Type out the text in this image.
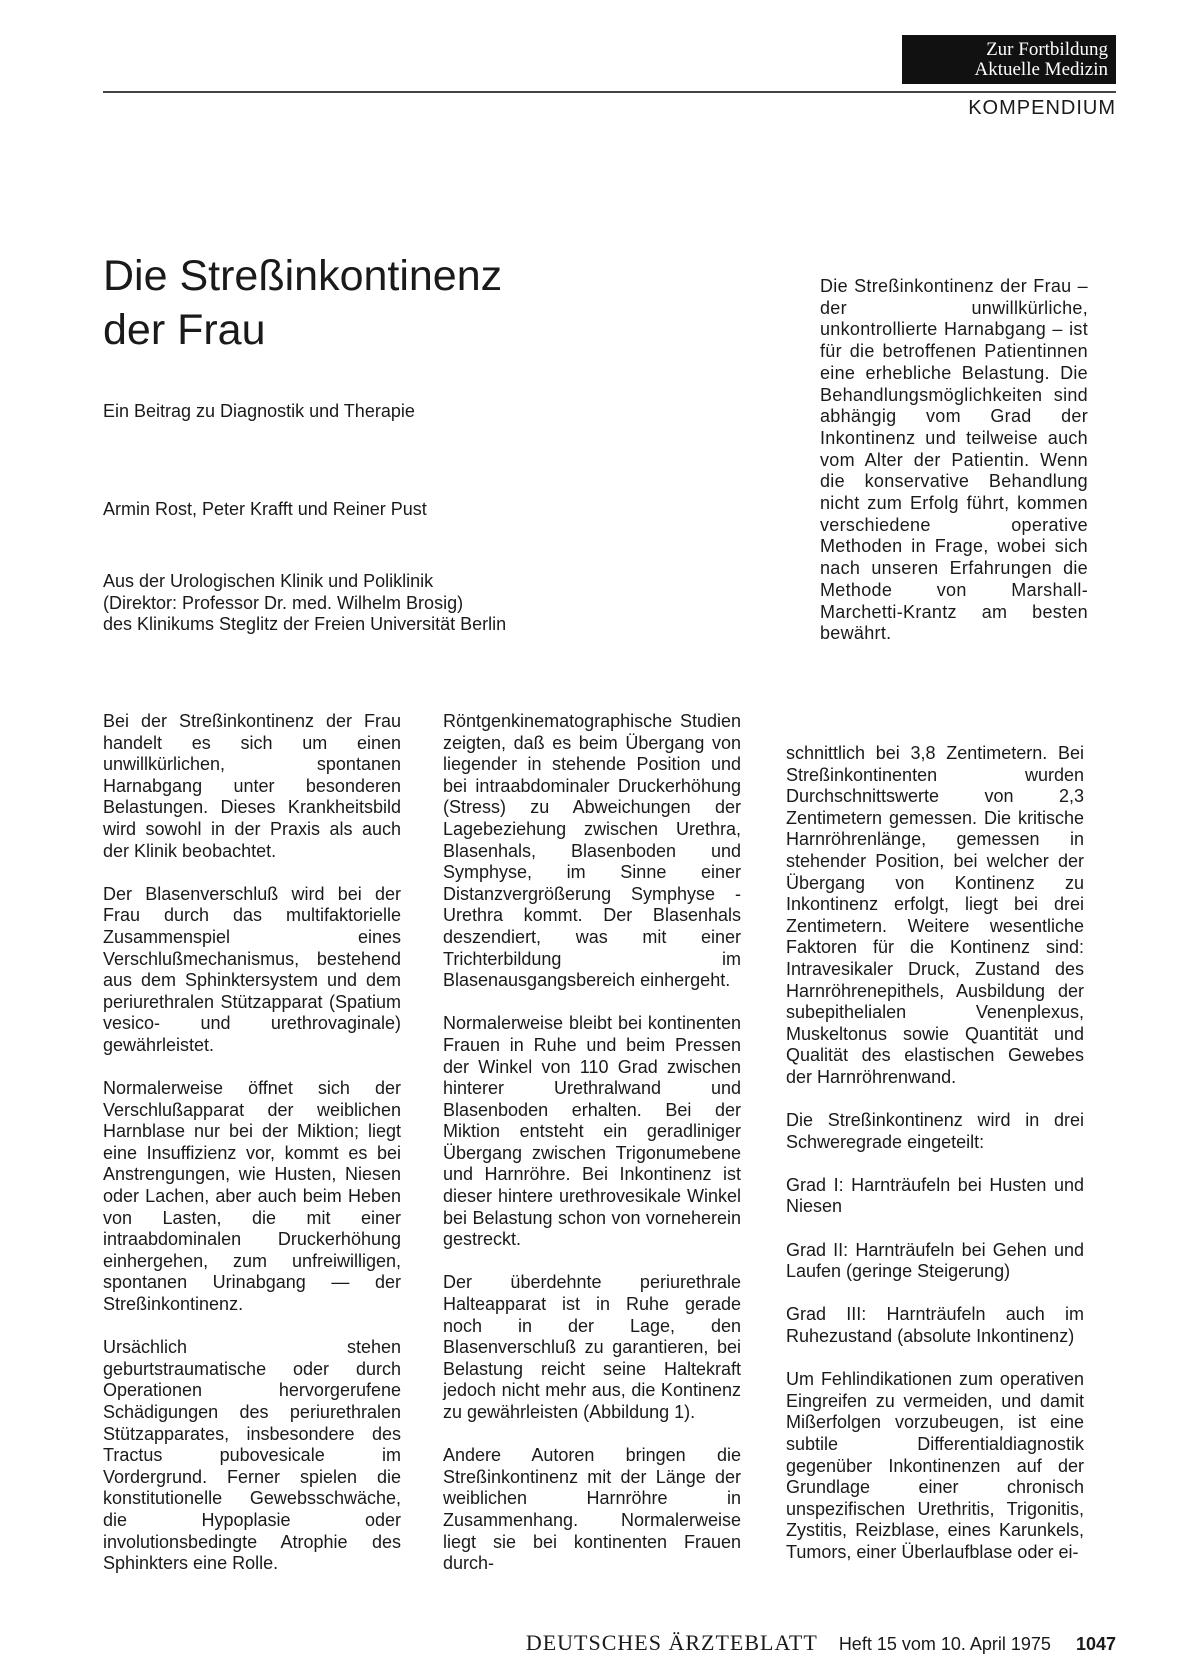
Zur Fortbildung
Aktuelle Medizin
KOMPENDIUM
Die Streßinkontinenz
der Frau
Ein Beitrag zu Diagnostik und Therapie
Armin Rost, Peter Krafft und Reiner Pust
Aus der Urologischen Klinik und Poliklinik
(Direktor: Professor Dr. med. Wilhelm Brosig)
des Klinikums Steglitz der Freien Universität Berlin
Die Streßinkontinenz der Frau – der unwillkürliche, unkontrollierte Harnabgang – ist für die betroffenen Patientinnen eine erhebliche Belastung. Die Behandlungsmöglichkeiten sind abhängig vom Grad der Inkontinenz und teilweise auch vom Alter der Patientin. Wenn die konservative Behandlung nicht zum Erfolg führt, kommen verschiedene operative Methoden in Frage, wobei sich nach unseren Erfahrungen die Methode von Marshall-Marchetti-Krantz am besten bewährt.

Bei der Streßinkontinenz der Frau handelt es sich um einen unwillkürlichen, spontanen Harnabgang unter besonderen Belastungen. Dieses Krankheitsbild wird sowohl in der Praxis als auch der Klinik beobachtet.

Der Blasenverschluß wird bei der Frau durch das multifaktorielle Zusammenspiel eines Verschlußmechanismus, bestehend aus dem Sphinktersystem und dem periurethralen Stützapparat (Spatium vesico- und urethrovaginale) gewährleistet.

Normalerweise öffnet sich der Verschlußapparat der weiblichen Harnblase nur bei der Miktion; liegt eine Insuffizienz vor, kommt es bei Anstrengungen, wie Husten, Niesen oder Lachen, aber auch beim Heben von Lasten, die mit einer intraabdominalen Druckerhöhung einhergehen, zum unfreiwilligen, spontanen Urinabgang — der Streßinkontinenz.

Ursächlich stehen geburtstraumatische oder durch Operationen hervorgerufene Schädigungen des periurethralen Stützapparates, insbesondere des Tractus pubovesicale im Vordergrund. Ferner spielen die konstitutionelle Gewebsschwäche, die Hypoplasie oder involutionsbedingte Atrophie des Sphinkters eine Rolle.

Röntgenkinematographische Studien zeigten, daß es beim Übergang von liegender in stehende Position und bei intraabdominaler Druckerhöhung (Stress) zu Abweichungen der Lagebeziehung zwischen Urethra, Blasenhals, Blasenboden und Symphyse, im Sinne einer Distanzvergrößerung Symphyse - Urethra kommt. Der Blasenhals deszendiert, was mit einer Trichterbildung im Blasenausgangsbereich einhergeht.

Normalerweise bleibt bei kontinenten Frauen in Ruhe und beim Pressen der Winkel von 110 Grad zwischen hinterer Urethralwand und Blasenboden erhalten. Bei der Miktion entsteht ein geradliniger Übergang zwischen Trigonumebene und Harnröhre. Bei Inkontinenz ist dieser hintere urethrovesikale Winkel bei Belastung schon von vorneherein gestreckt.

Der überdehnte periurethrale Halteapparat ist in Ruhe gerade noch in der Lage, den Blasenverschluß zu garantieren, bei Belastung reicht seine Haltekraft jedoch nicht mehr aus, die Kontinenz zu gewährleisten (Abbildung 1).

Andere Autoren bringen die Streßinkontinenz mit der Länge der weiblichen Harnröhre in Zusammenhang. Normalerweise liegt sie bei kontinenten Frauen durch-

schnittlich bei 3,8 Zentimetern. Bei Streßinkontinenten wurden Durchschnittswerte von 2,3 Zentimetern gemessen. Die kritische Harnröhrenlänge, gemessen in stehender Position, bei welcher der Übergang von Kontinenz zu Inkontinenz erfolgt, liegt bei drei Zentimetern. Weitere wesentliche Faktoren für die Kontinenz sind: Intravesikaler Druck, Zustand des Harnröhrenepithels, Ausbildung der subepithelialen Venenplexus, Muskeltonus sowie Quantität und Qualität des elastischen Gewebes der Harnröhrenwand.

Die Streßinkontinenz wird in drei Schweregrade eingeteilt:

Grad I: Harnträufeln bei Husten und Niesen

Grad II: Harnträufeln bei Gehen und Laufen (geringe Steigerung)

Grad III: Harnträufeln auch im Ruhezustand (absolute Inkontinenz)

Um Fehlindikationen zum operativen Eingreifen zu vermeiden, und damit Mißerfolgen vorzubeugen, ist eine subtile Differentialdiagnostik gegenüber Inkontinenzen auf der Grundlage einer chronisch unspezifischen Urethritis, Trigonitis, Zystitis, Reizblase, eines Karunkels, Tumors, einer Überlaufblase oder ei-

DEUTSCHES ÄRZTEBLATT Heft 15 vom 10. April 1975 1047
